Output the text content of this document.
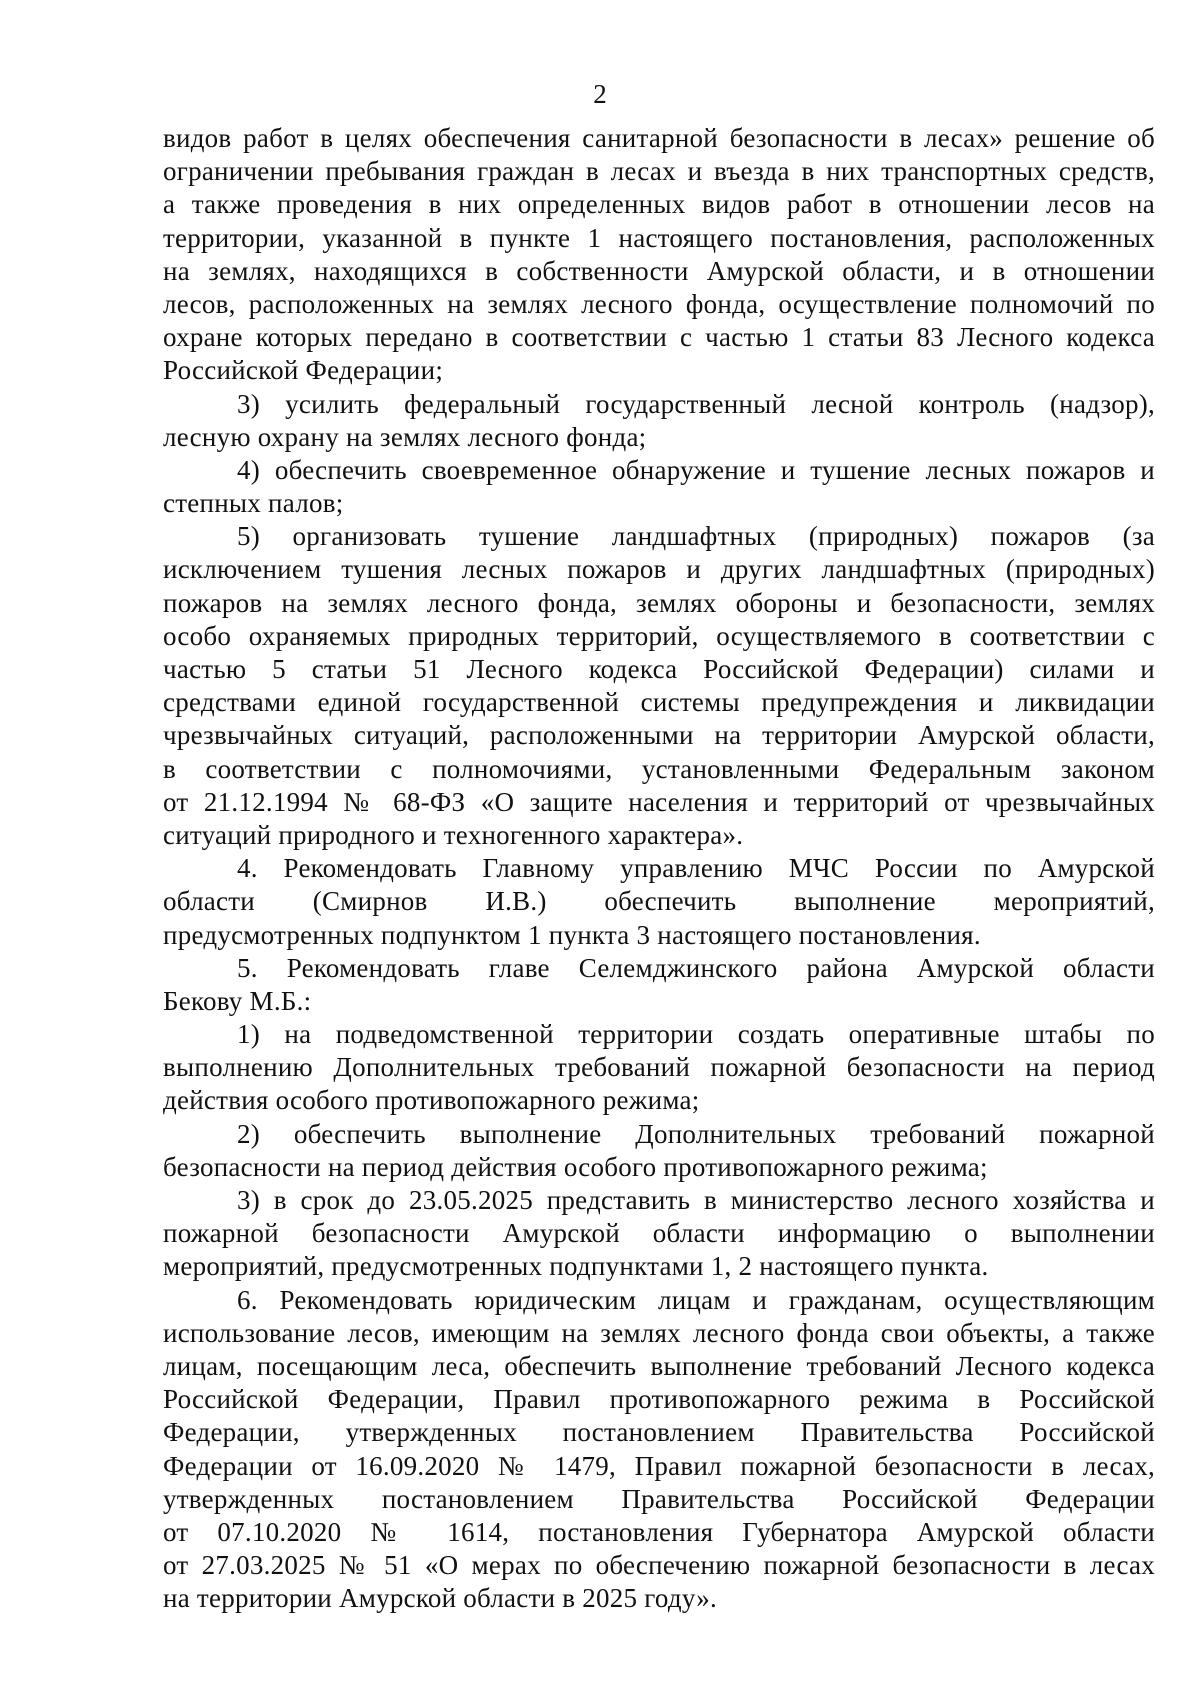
2
видов работ в целях обеспечения санитарной безопасности в лесах» решение об
ограничении пребывания граждан в лесах и въезда в них транспортных средств,
а также проведения в них определенных видов работ в отношении лесов на
территории, указанной в пункте 1 настоящего постановления, расположенных
на землях, находящихся в собственности Амурской области, и в отношении
лесов, расположенных на землях лесного фонда, осуществление полномочий по
охране которых передано в соответствии с частью 1 статьи 83 Лесного кодекса
Российской Федерации;
3) усилить федеральный государственный лесной контроль (надзор),
лесную охрану на землях лесного фонда;
4) обеспечить своевременное обнаружение и тушение лесных пожаров и
степных палов;
5) организовать тушение ландшафтных (природных) пожаров (за
исключением тушения лесных пожаров и других ландшафтных (природных)
пожаров на землях лесного фонда, землях обороны и безопасности, землях
особо охраняемых природных территорий, осуществляемого в соответствии с
частью 5 статьи 51 Лесного кодекса Российской Федерации) силами и
средствами единой государственной системы предупреждения и ликвидации
чрезвычайных ситуаций, расположенными на территории Амурской области,
в соответствии с полномочиями, установленными Федеральным законом
от 21.12.1994 № 68-ФЗ «О защите населения и территорий от чрезвычайных
ситуаций природного и техногенного характера».
4. Рекомендовать Главному управлению МЧС России по Амурской
области (Смирнов И.В.) обеспечить выполнение мероприятий,
предусмотренных подпунктом 1 пункта 3 настоящего постановления.
5. Рекомендовать главе Селемджинского района Амурской области
Бекову М.Б.:
1) на подведомственной территории создать оперативные штабы по
выполнению Дополнительных требований пожарной безопасности на период
действия особого противопожарного режима;
2) обеспечить выполнение Дополнительных требований пожарной
безопасности на период действия особого противопожарного режима;
3) в срок до 23.05.2025 представить в министерство лесного хозяйства и
пожарной безопасности Амурской области информацию о выполнении
мероприятий, предусмотренных подпунктами 1, 2 настоящего пункта.
6. Рекомендовать юридическим лицам и гражданам, осуществляющим
использование лесов, имеющим на землях лесного фонда свои объекты, а также
лицам, посещающим леса, обеспечить выполнение требований Лесного кодекса
Российской Федерации, Правил противопожарного режима в Российской
Федерации, утвержденных постановлением Правительства Российской
Федерации от 16.09.2020 № 1479, Правил пожарной безопасности в лесах,
утвержденных постановлением Правительства Российской Федерации
от 07.10.2020 № 1614, постановления Губернатора Амурской области
от 27.03.2025 № 51 «О мерах по обеспечению пожарной безопасности в лесах
на территории Амурской области в 2025 году».
